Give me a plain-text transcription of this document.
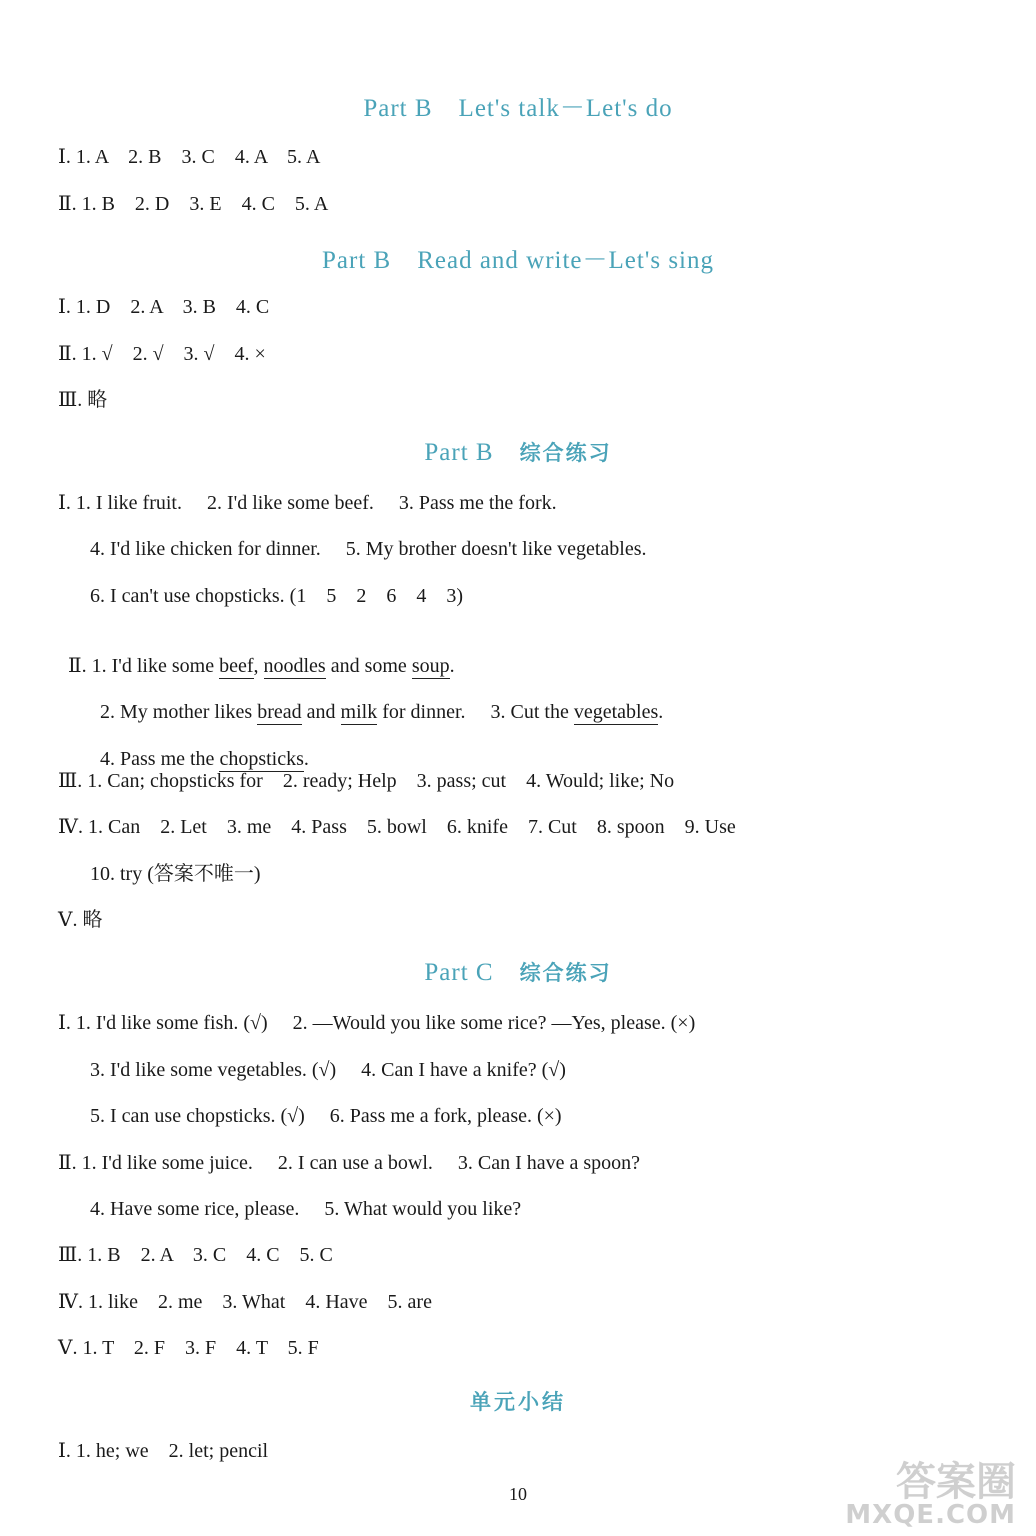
Part B　Let's talk－Let's do
Ⅰ. 1. A　2. B　3. C　4. A　5. A
Ⅱ. 1. B　2. D　3. E　4. C　5. A
Part B　Read and write－Let's sing
Ⅰ. 1. D　2. A　3. B　4. C
Ⅱ. 1. √　2. √　3. √　4. ×
Ⅲ. 略
Part B 综合练习
Ⅰ. 1. I like fruit.　 2. I'd like some beef.　 3. Pass me the fork.
4. I'd like chicken for dinner.　 5. My brother doesn't like vegetables.
6. I can't use chopsticks. (1　5　2　6　4　3)

Ⅱ. 1. I'd like some beef, noodles and some soup.

2. My mother likes bread and milk for dinner.　 3. Cut the vegetables.

4. Pass me the chopsticks.

Ⅲ. 1. Can; chopsticks for　2. ready; Help　3. pass; cut　4. Would; like; No
Ⅳ. 1. Can　2. Let　3. me　4. Pass　5. bowl　6. knife　7. Cut　8. spoon　9. Use
10. try (答案不唯一)
Ⅴ. 略
Part C 综合练习
Ⅰ. 1. I'd like some fish. (√)　 2. —Would you like some rice? —Yes, please. (×)
3. I'd like some vegetables. (√)　 4. Can I have a knife? (√)
5. I can use chopsticks. (√)　 6. Pass me a fork, please. (×)
Ⅱ. 1. I'd like some juice.　 2. I can use a bowl.　 3. Can I have a spoon?
4. Have some rice, please.　 5. What would you like?
Ⅲ. 1. B　2. A　3. C　4. C　5. C
Ⅳ. 1. like　2. me　3. What　4. Have　5. are
Ⅴ. 1. T　2. F　3. F　4. T　5. F
单元小结
Ⅰ. 1. he; we　2. let; pencil
10	答案圈
MXQE.COM
